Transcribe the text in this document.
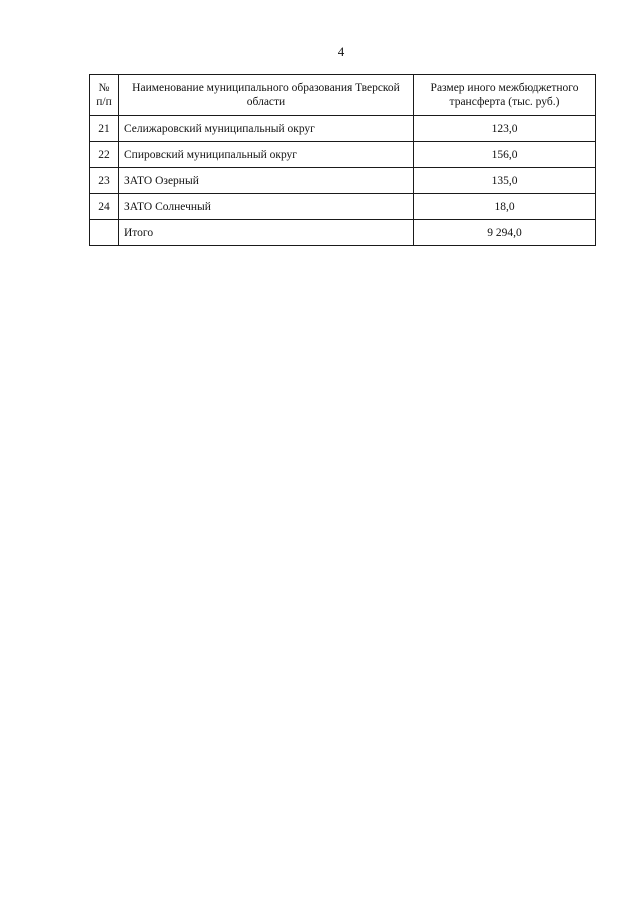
4
№ п/п	Наименование муниципального образования Тверской области	Размер иного межбюджетного трансферта (тыс. руб.)
21	Селижаровский муниципальный округ	123,0
22	Спировский муниципальный округ	156,0
23	ЗАТО Озерный	135,0
24	ЗАТО Солнечный	18,0
	Итого	9 294,0
